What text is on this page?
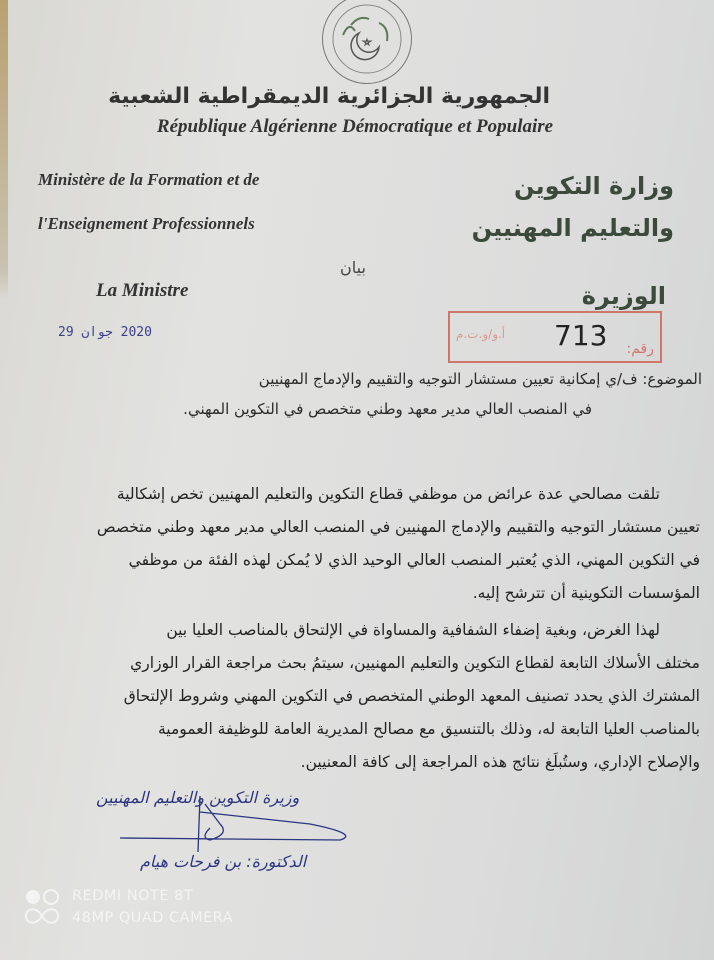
الجمهورية الجزائرية الديمقراطية الشعبية
République Algérienne Démocratique et Populaire
Ministère de la Formation et de
l'Enseignement Professionnels
وزارة التكوين
والتعليم المهنيين
بيان
La Ministre	الوزيرة
2020 جوان 29
رقم:
أ.و/و.ت.م 713
الموضوع: ف/ي إمكانية تعيين مستشار التوجيه والتقييم والإدماج المهنيين
في المنصب العالي مدير معهد وطني متخصص في التكوين المهني.
تلقت مصالحي عدة عرائض من موظفي قطاع التكوين والتعليم المهنيين تخص إشكالية
تعيين مستشار التوجيه والتقييم والإدماج المهنيين في المنصب العالي مدير معهد وطني متخصص
في التكوين المهني، الذي يُعتبر المنصب العالي الوحيد الذي لا يُمكن لهذه الفئة من موظفي
المؤسسات التكوينية أن تترشح إليه.
لهذا الغرض، وبغية إضفاء الشفافية والمساواة في الإلتحاق بالمناصب العليا بين
مختلف الأسلاك التابعة لقطاع التكوين والتعليم المهنيين، سيتمُ بحث مراجعة القرار الوزاري
المشترك الذي يحدد تصنيف المعهد الوطني المتخصص في التكوين المهني وشروط الإلتحاق
بالمناصب العليا التابعة له، وذلك بالتنسيق مع مصالح المديرية العامة للوظيفة العمومية
والإصلاح الإداري، وستُبلَغ نتائج هذه المراجعة إلى كافة المعنيين.
وزيرة التكوين والتعليم المهنيين
الدكتورة: بن فرحات هيام
REDMI NOTE 8T
48MP QUAD CAMERA
